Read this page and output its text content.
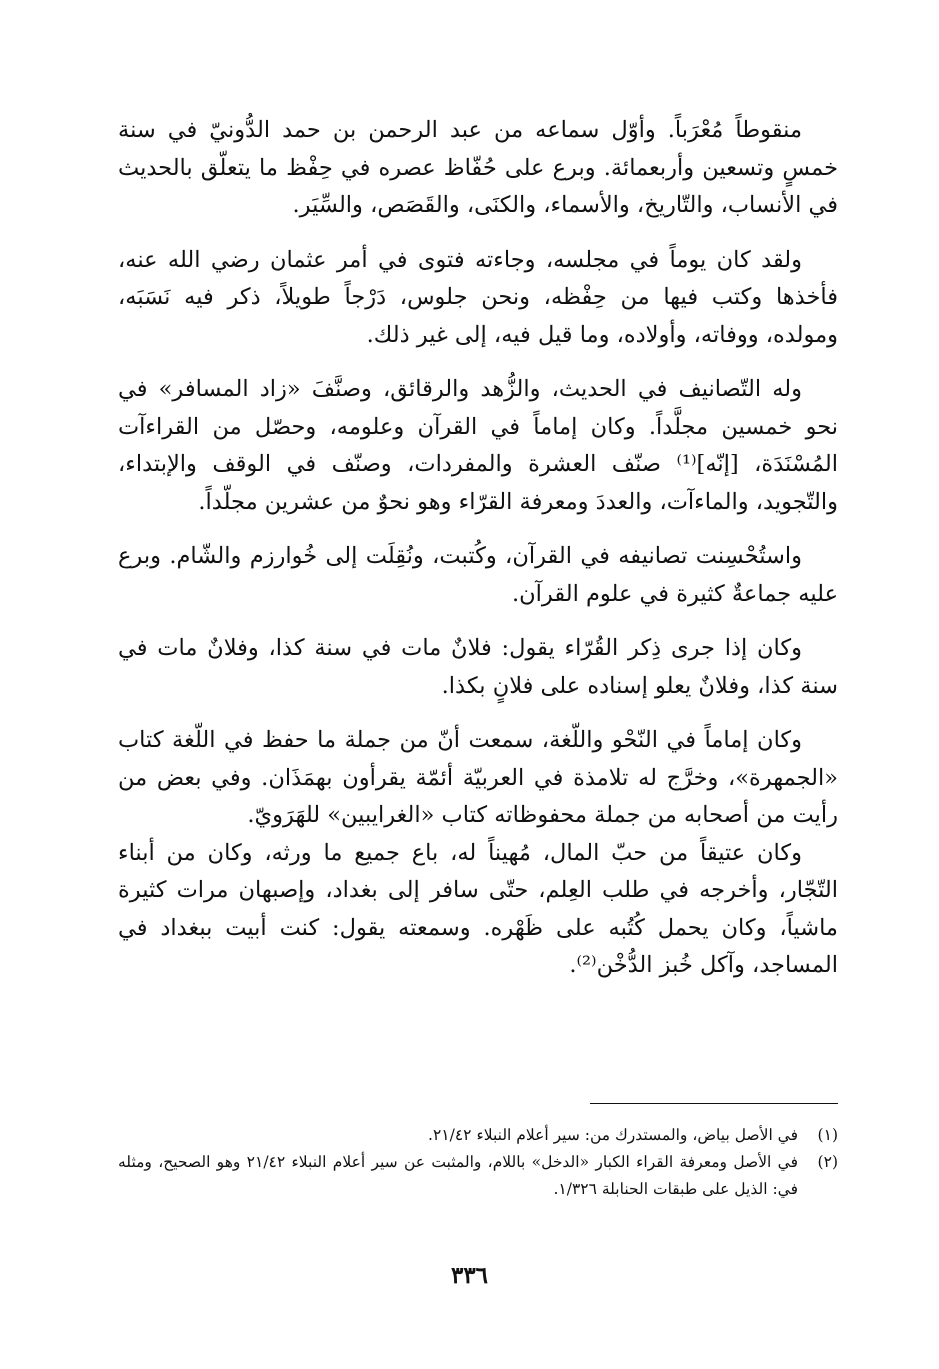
منقوطاً مُعْرَباً. وأوّل سماعه من عبد الرحمن بن حمد الدُّونيّ في سنة خمسٍ وتسعين وأربعمائة. وبرع على حُفّاظ عصره في حِفْظ ما يتعلّق بالحديث في الأنساب، والتّاريخ، والأسماء، والكنَى، والقَصَص، والسِّيَر.

ولقد كان يوماً في مجلسه، وجاءته فتوى في أمر عثمان رضي الله عنه، فأخذها وكتب فيها من حِفْظه، ونحن جلوس، دَرْجاً طويلاً، ذكر فيه نَسَبَه، ومولده، ووفاته، وأولاده، وما قيل فيه، إلى غير ذلك.

وله التّصانيف في الحديث، والزُّهد والرقائق، وصنَّفَ «زاد المسافر» في نحو خمسين مجلَّداً. وكان إماماً في القرآن وعلومه، وحصّل من القراءآت المُسْنَدَة، [إنّه]⁽¹⁾ صنّف العشرة والمفردات، وصنّف في الوقف والإبتداء، والتّجويد، والماءآت، والعددَ ومعرفة القرّاء وهو نحوٌ من عشرين مجلّداً.

واستُحْسِنت تصانيفه في القرآن، وكُتبت، ونُقِلَت إلى خُوارزم والشّام. وبرع عليه جماعةٌ كثيرة في علوم القرآن.

وكان إذا جرى ذِكر القُرّاء يقول: فلانٌ مات في سنة كذا، وفلانٌ مات في سنة كذا، وفلانٌ يعلو إسناده على فلانٍ بكذا.

وكان إماماً في النّحْو واللّغة، سمعت أنّ من جملة ما حفظ في اللّغة كتاب «الجمهرة»، وخرَّج له تلامذة في العربيّة أئمّة يقرأون بهمَذَان. وفي بعض من رأيت من أصحابه من جملة محفوظاته كتاب «الغرايبين» للهَرَويّ.

وكان عتيقاً من حبّ المال، مُهيناً له، باع جميع ما ورثه، وكان من أبناء التّجّار، وأخرجه في طلب العِلم، حتّى سافر إلى بغداد، وإصبهان مرات كثيرة ماشياً، وكان يحمل كُتُبه على ظَهْره. وسمعته يقول: كنت أبيت ببغداد في المساجد، وآكل خُبز الدُّخْن⁽²⁾.

(١)
في الأصل بياض، والمستدرك من: سير أعلام النبلاء ٢١/٤٢.
(٢)
في الأصل ومعرفة القراء الكبار «الدخل» باللام، والمثبت عن سير أعلام النبلاء ٢١/٤٢ وهو الصحيح، ومثله في: الذيل على طبقات الحنابلة ١/٣٢٦.
٣٣٦
